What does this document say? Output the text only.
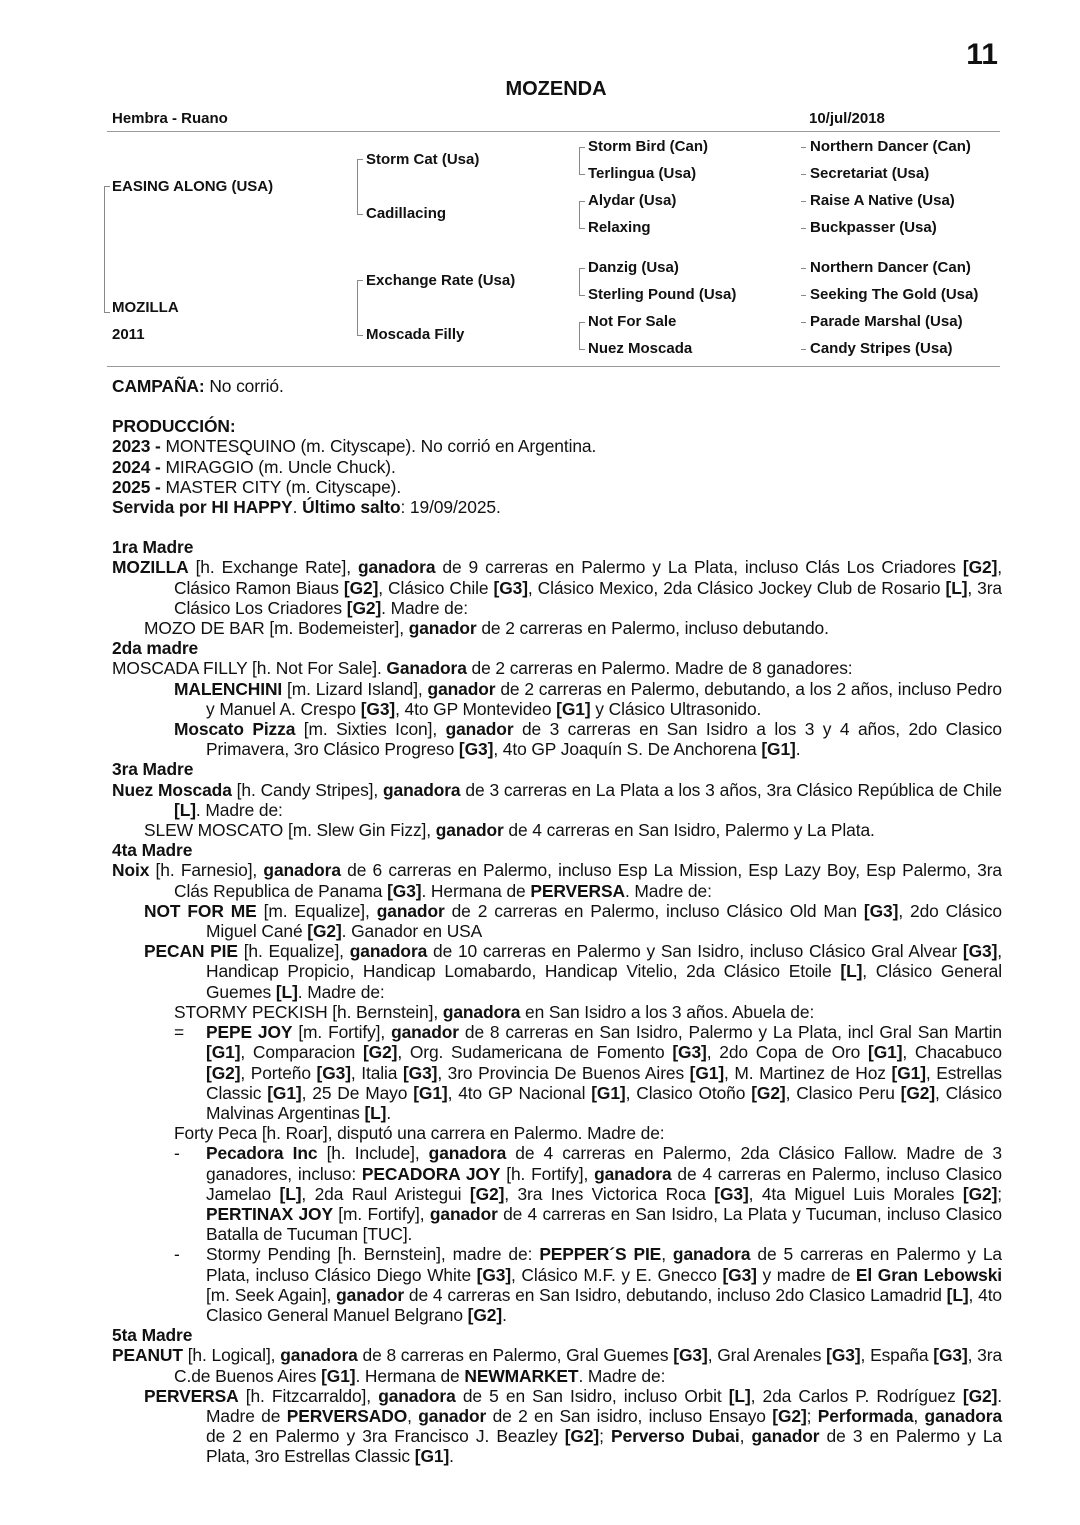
11
MOZENDA
Hembra - Ruano	10/jul/2018
EASING ALONG (USA)
MOZILLA
2011
Storm Cat (Usa)
Cadillacing
Exchange Rate (Usa)
Moscada Filly
Storm Bird (Can)
Terlingua (Usa)
Alydar (Usa)
Relaxing
Danzig (Usa)
Sterling Pound (Usa)
Not For Sale
Nuez Moscada
Northern Dancer (Can)
Secretariat (Usa)
Raise A Native (Usa)
Buckpasser (Usa)
Northern Dancer (Can)
Seeking The Gold (Usa)
Parade Marshal (Usa)
Candy Stripes (Usa)

CAMPAÑA: No corrió.

PRODUCCIÓN:

2023 - MONTESQUINO (m. Cityscape). No corrió en Argentina.

2024 - MIRAGGIO (m. Uncle Chuck).

2025 - MASTER CITY (m. Cityscape).

Servida por HI HAPPY. Último salto: 19/09/2025.

1ra Madre

MOZILLA [h. Exchange Rate], ganadora de 9 carreras en Palermo y La Plata, incluso Clás Los Criadores [G2], Clásico Ramon Biaus [G2], Clásico Chile [G3], Clásico Mexico, 2da Clásico Jockey Club de Rosario [L], 3ra Clásico Los Criadores [G2]. Madre de:

MOZO DE BAR [m. Bodemeister], ganador de 2 carreras en Palermo, incluso debutando.

2da madre

MOSCADA FILLY [h. Not For Sale]. Ganadora de 2 carreras en Palermo. Madre de 8 ganadores:

MALENCHINI [m. Lizard Island], ganador de 2 carreras en Palermo, debutando, a los 2 años, incluso Pedro y Manuel A. Crespo [G3], 4to GP Montevideo [G1] y Clásico Ultrasonido.

Moscato Pizza [m. Sixties Icon], ganador de 3 carreras en San Isidro a los 3 y 4 años, 2do Clasico Primavera, 3ro Clásico Progreso [G3], 4to GP Joaquín S. De Anchorena [G1].

3ra Madre

Nuez Moscada [h. Candy Stripes], ganadora de 3 carreras en La Plata a los 3 años, 3ra Clásico República de Chile [L]. Madre de:

SLEW MOSCATO [m. Slew Gin Fizz], ganador de 4 carreras en San Isidro, Palermo y La Plata.

4ta Madre

Noix [h. Farnesio], ganadora de 6 carreras en Palermo, incluso Esp La Mission, Esp Lazy Boy, Esp Palermo, 3ra Clás Republica de Panama [G3]. Hermana de PERVERSA. Madre de:

NOT FOR ME [m. Equalize], ganador de 2 carreras en Palermo, incluso Clásico Old Man [G3], 2do Clásico Miguel Cané [G2]. Ganador en USA

PECAN PIE [h. Equalize], ganadora de 10 carreras en Palermo y San Isidro, incluso Clásico Gral Alvear [G3], Handicap Propicio, Handicap Lomabardo, Handicap Vitelio, 2da Clásico Etoile [L], Clásico General Guemes [L]. Madre de:

STORMY PECKISH [h. Bernstein], ganadora en San Isidro a los 3 años. Abuela de:

= PEPE JOY [m. Fortify], ganador de 8 carreras en San Isidro, Palermo y La Plata, incl Gral San Martin [G1], Comparacion [G2], Org. Sudamericana de Fomento [G3], 2do Copa de Oro [G1], Chacabuco [G2], Porteño [G3], Italia [G3], 3ro Provincia De Buenos Aires [G1], M. Martinez de Hoz [G1], Estrellas Classic [G1], 25 De Mayo [G1], 4to GP Nacional [G1], Clasico Otoño [G2], Clasico Peru [G2], Clásico Malvinas Argentinas [L].

Forty Peca [h. Roar], disputó una carrera en Palermo. Madre de:

- Pecadora Inc [h. Include], ganadora de 4 carreras en Palermo, 2da Clásico Fallow. Madre de 3 ganadores, incluso: PECADORA JOY [h. Fortify], ganadora de 4 carreras en Palermo, incluso Clasico Jamelao [L], 2da Raul Aristegui [G2], 3ra Ines Victorica Roca [G3], 4ta Miguel Luis Morales [G2]; PERTINAX JOY [m. Fortify], ganador de 4 carreras en San Isidro, La Plata y Tucuman, incluso Clasico Batalla de Tucuman [TUC].

- Stormy Pending [h. Bernstein], madre de: PEPPER´S PIE, ganadora de 5 carreras en Palermo y La Plata, incluso Clásico Diego White [G3], Clásico M.F. y E. Gnecco [G3] y madre de El Gran Lebowski [m. Seek Again], ganador de 4 carreras en San Isidro, debutando, incluso 2do Clasico Lamadrid [L], 4to Clasico General Manuel Belgrano [G2].

5ta Madre

PEANUT [h. Logical], ganadora de 8 carreras en Palermo, Gral Guemes [G3], Gral Arenales [G3], España [G3], 3ra C.de Buenos Aires [G1]. Hermana de NEWMARKET. Madre de:

PERVERSA [h. Fitzcarraldo], ganadora de 5 en San Isidro, incluso Orbit [L], 2da Carlos P. Rodríguez [G2]. Madre de PERVERSADO, ganador de 2 en San isidro, incluso Ensayo [G2]; Performada, ganadora de 2 en Palermo y 3ra Francisco J. Beazley [G2]; Perverso Dubai, ganador de 3 en Palermo y La Plata, 3ro Estrellas Classic [G1].
